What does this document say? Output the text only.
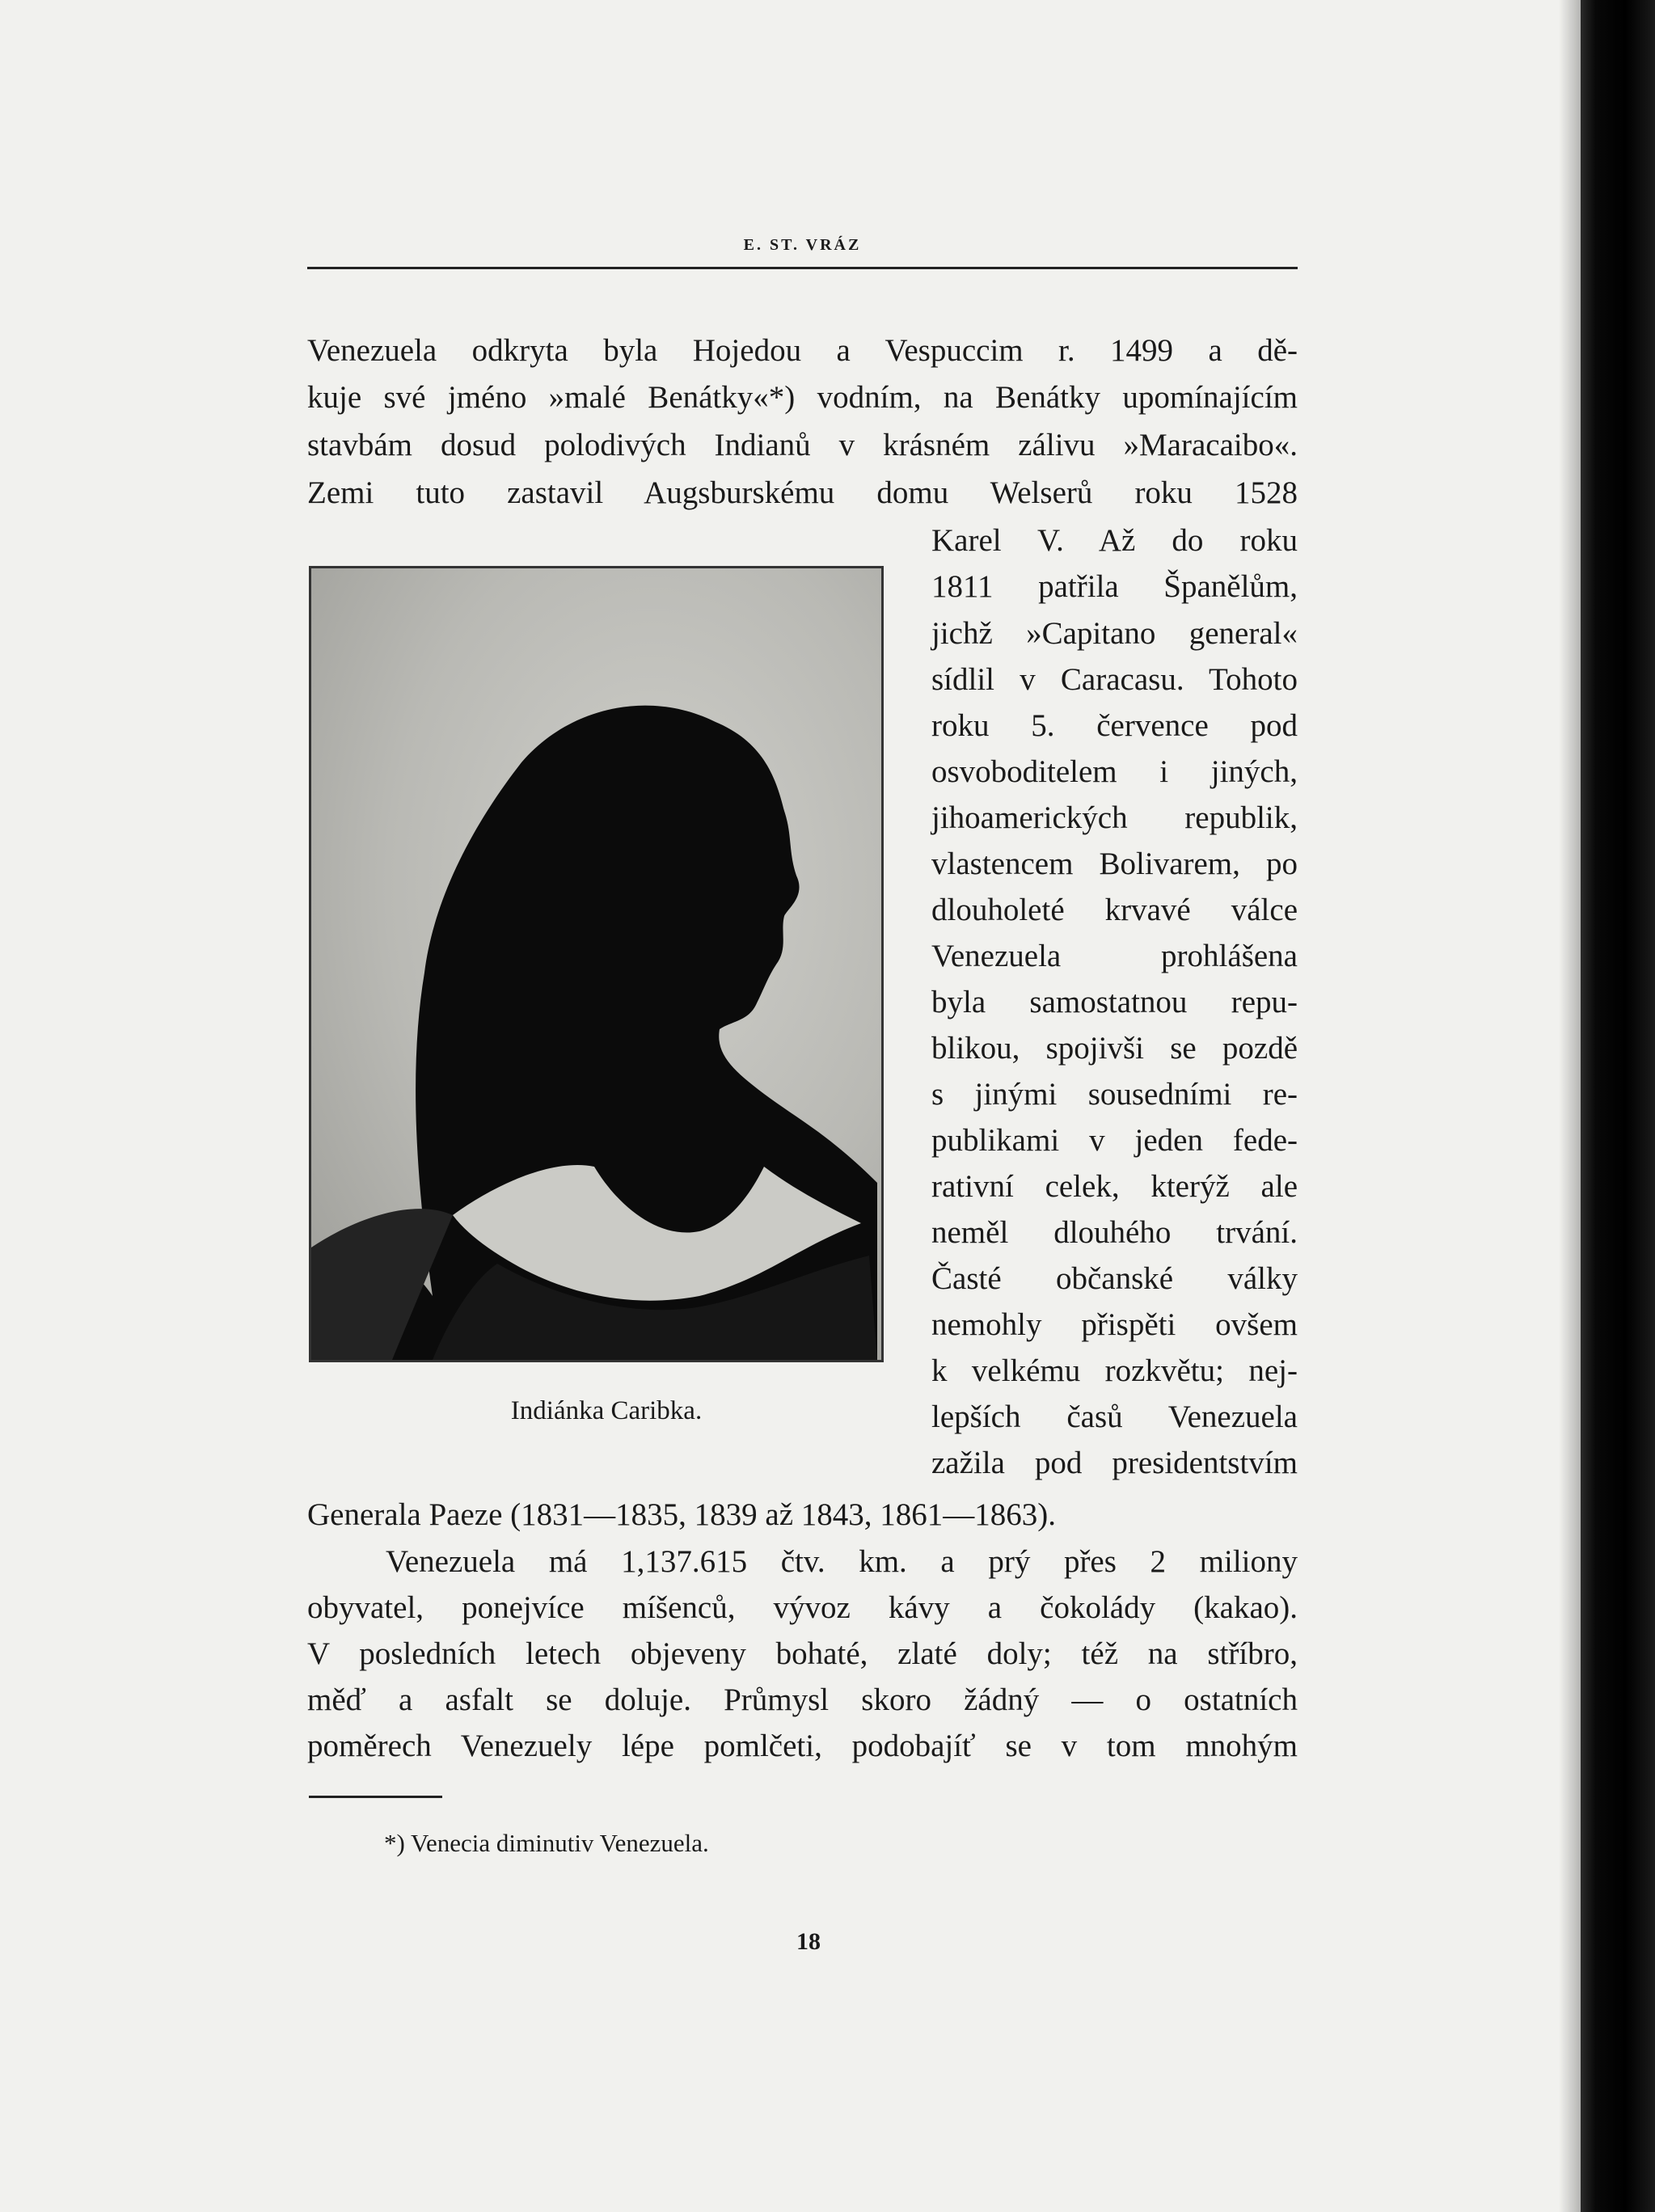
E. ST. VRÁZ
Venezuela odkryta byla Hojedou a Vespuccim r. 1499 a dě-
kuje své jméno »malé Benátky«*) vodním, na Benátky upomínajícím
stavbám dosud polodivých Indianů v krásném zálivu »Maracaibo«.
Zemi tuto zastavil Augsburskému domu Welserů roku 1528
Karel V. Až do roku
1811 patřila Španělům,
jichž »Capitano general«
sídlil v Caracasu. Tohoto
roku 5. července pod
osvoboditelem i jiných,
jihoamerických republik,
vlastencem Bolivarem, po
dlouholeté krvavé válce
Venezuela prohlášena
byla samostatnou repu-
blikou, spojivši se pozdě
s jinými sousedními re-
publikami v jeden fede-
rativní celek, kterýž ale
neměl dlouhého trvání.
Časté občanské války
nemohly přispěti ovšem
k velkému rozkvětu; nej-
lepších časů Venezuela
zažila pod presidentstvím
Indiánka Caribka.
Generala Paeze (1831—1835, 1839 až 1843, 1861—1863).
Venezuela má 1,137.615 čtv. km. a prý přes 2 miliony
obyvatel, ponejvíce míšenců, vývoz kávy a čokolády (kakao).
V posledních letech objeveny bohaté, zlaté doly; též na stříbro,
měď a asfalt se doluje. Průmysl skoro žádný — o ostatních
poměrech Venezuely lépe pomlčeti, podobajíť se v tom mnohým
*) Venecia diminutiv Venezuela.
18
